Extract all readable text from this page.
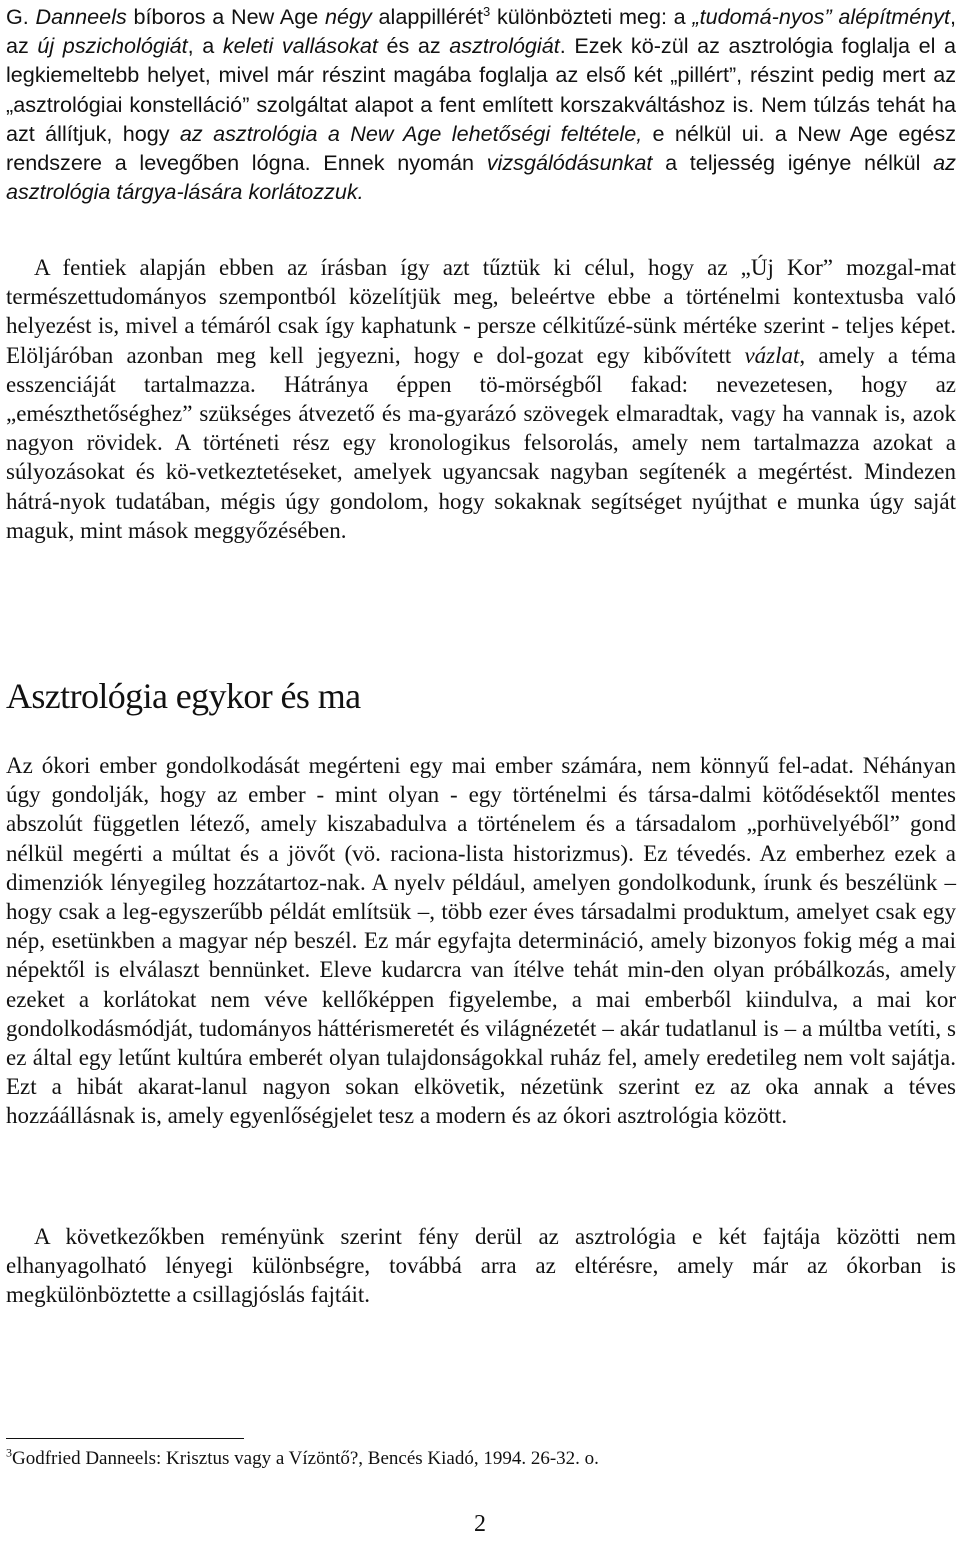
G. Danneels bíboros a New Age négy alappillérét$^3$ különbözteti meg: a „tudomá-nyos” alépítményt, az új pszichológiát, a keleti vallásokat és az asztrológiát. Ezek kö-zül az asztrológia foglalja el a legkiemeltebb helyet, mivel már részint magába foglalja az első két „pillért”, részint pedig mert az „asztrológiai konstelláció” szolgáltat alapot a fent említett korszakváltáshoz is. Nem túlzás tehát ha azt állítjuk, hogy az asztrológia a New Age lehetőségi feltétele, e nélkül ui. a New Age egész rendszere a levegőben lógna. Ennek nyomán vizsgálódásunkat a teljesség igénye nélkül az asztrológia tárgya-lására korlátozzuk.

A fentiek alapján ebben az írásban így azt tűztük ki célul, hogy az „Új Kor” mozgal-mat természettudományos szempontból közelítjük meg, beleértve ebbe a történelmi kontextusba való helyezést is, mivel a témáról csak így kaphatunk - persze célkitűzé-sünk mértéke szerint - teljes képet. Elöljáróban azonban meg kell jegyezni, hogy e dol-gozat egy kibővített vázlat, amely a téma esszenciáját tartalmazza. Hátránya éppen tö-mörségből fakad: nevezetesen, hogy az „emészthetőséghez” szükséges átvezető és ma-gyarázó szövegek elmaradtak, vagy ha vannak is, azok nagyon rövidek. A történeti rész egy kronologikus felsorolás, amely nem tartalmazza azokat a súlyozásokat és kö-vetkeztetéseket, amelyek ugyancsak nagyban segítenék a megértést. Mindezen hátrá-nyok tudatában, mégis úgy gondolom, hogy sokaknak segítséget nyújthat e munka úgy saját maguk, mint mások meggyőzésében.

Asztrológia egykor és ma

Az ókori ember gondolkodását megérteni egy mai ember számára, nem könnyű fel-adat. Néhányan úgy gondolják, hogy az ember - mint olyan - egy történelmi és társa-dalmi kötődésektől mentes abszolút független létező, amely kiszabadulva a történelem és a társadalom „porhüvelyéből” gond nélkül megérti a múltat és a jövőt (vö. raciona-lista historizmus). Ez tévedés. Az emberhez ezek a dimenziók lényegileg hozzátartoz-nak. A nyelv például, amelyen gondolkodunk, írunk és beszélünk – hogy csak a leg-egyszerűbb példát említsük –, több ezer éves társadalmi produktum, amelyet csak egy nép, esetünkben a magyar nép beszél. Ez már egyfajta determináció, amely bizonyos fokig még a mai népektől is elválaszt bennünket. Eleve kudarcra van ítélve tehát min-den olyan próbálkozás, amely ezeket a korlátokat nem véve kellőképpen figyelembe, a mai emberből kiindulva, a mai kor gondolkodásmódját, tudományos háttérismeretét és világnézetét – akár tudatlanul is – a múltba vetíti, s ez által egy letűnt kultúra emberét olyan tulajdonságokkal ruház fel, amely eredetileg nem volt sajátja. Ezt a hibát akarat-lanul nagyon sokan elkövetik, nézetünk szerint ez az oka annak a téves hozzáállásnak is, amely egyenlőségjelet tesz a modern és az ókori asztrológia között.

A következőkben reményünk szerint fény derül az asztrológia e két fajtája közötti nem elhanyagolható lényegi különbségre, továbbá arra az eltérésre, amely már az ókorban is megkülönböztette a csillagjóslás fajtáit.

$^3$Godfried Danneels: Krisztus vagy a Vízöntő?, Bencés Kiadó, 1994. 26-32. o.

2
